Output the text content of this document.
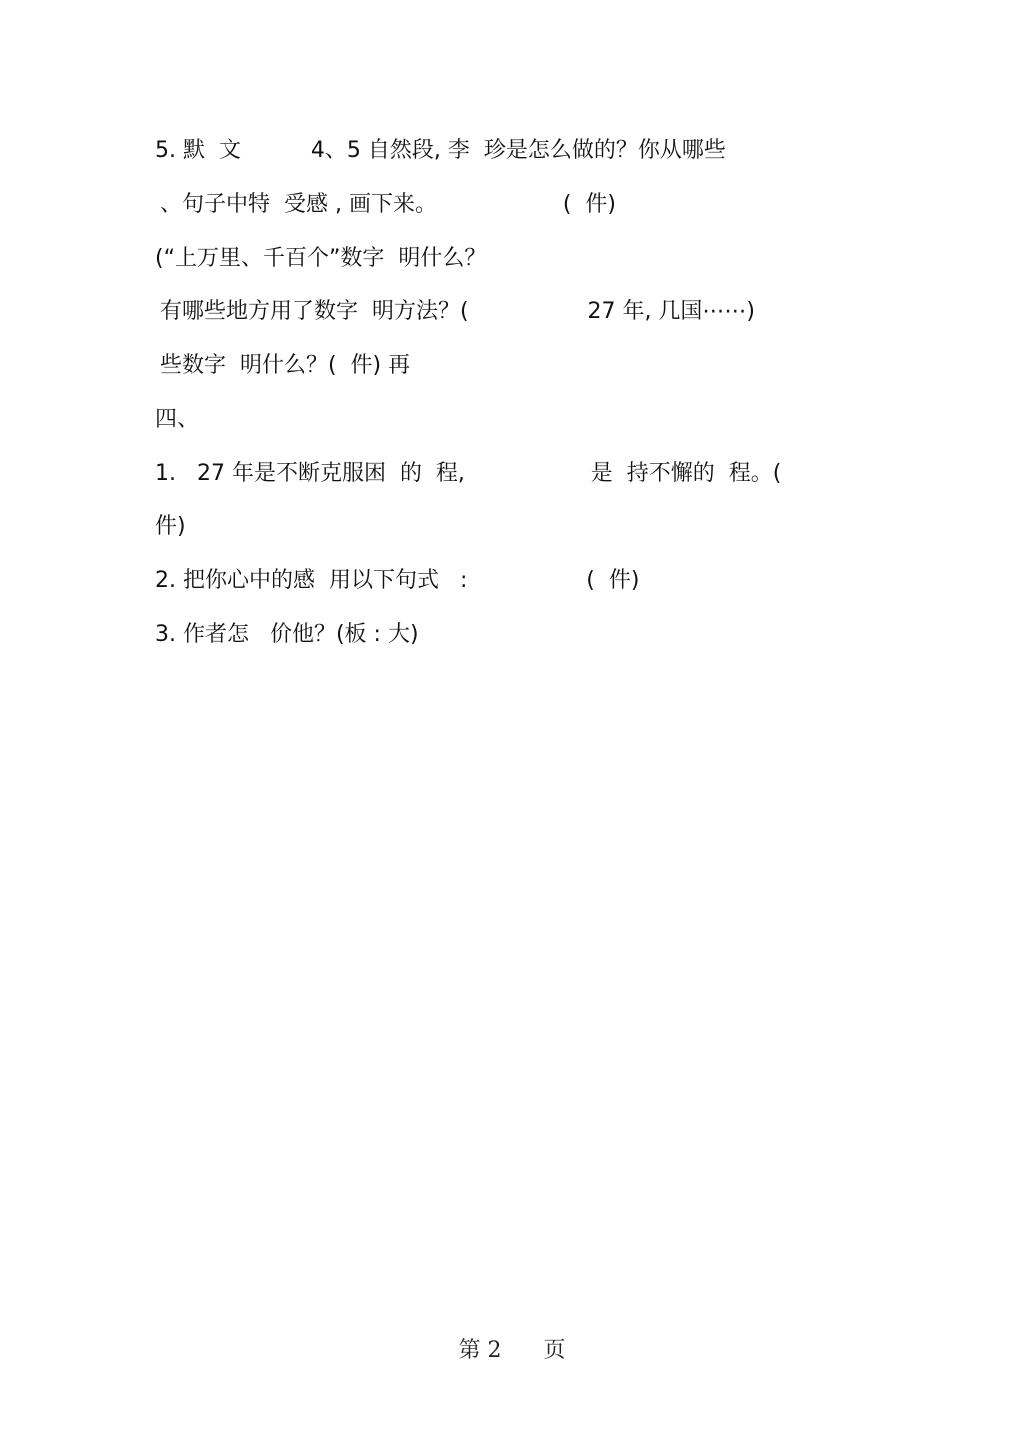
5. 默  文          4、5 自然段, 李  珍是怎么做的？你从哪些
、句子中特  受感 , 画下来。                  (  件)
(“上万里、千百个”数字  明什么？
有哪些地方用了数字  明方法？(                 27 年, 几国⋯⋯)
些数字  明什么？(  件) 再
四、
1.   27 年是不断克服困  的  程,                  是  持不懈的  程。(
件)
2. 把你心中的感  用以下句式   :                 (  件)
3. 作者怎   价他？(板 : 大)
第 2      页
